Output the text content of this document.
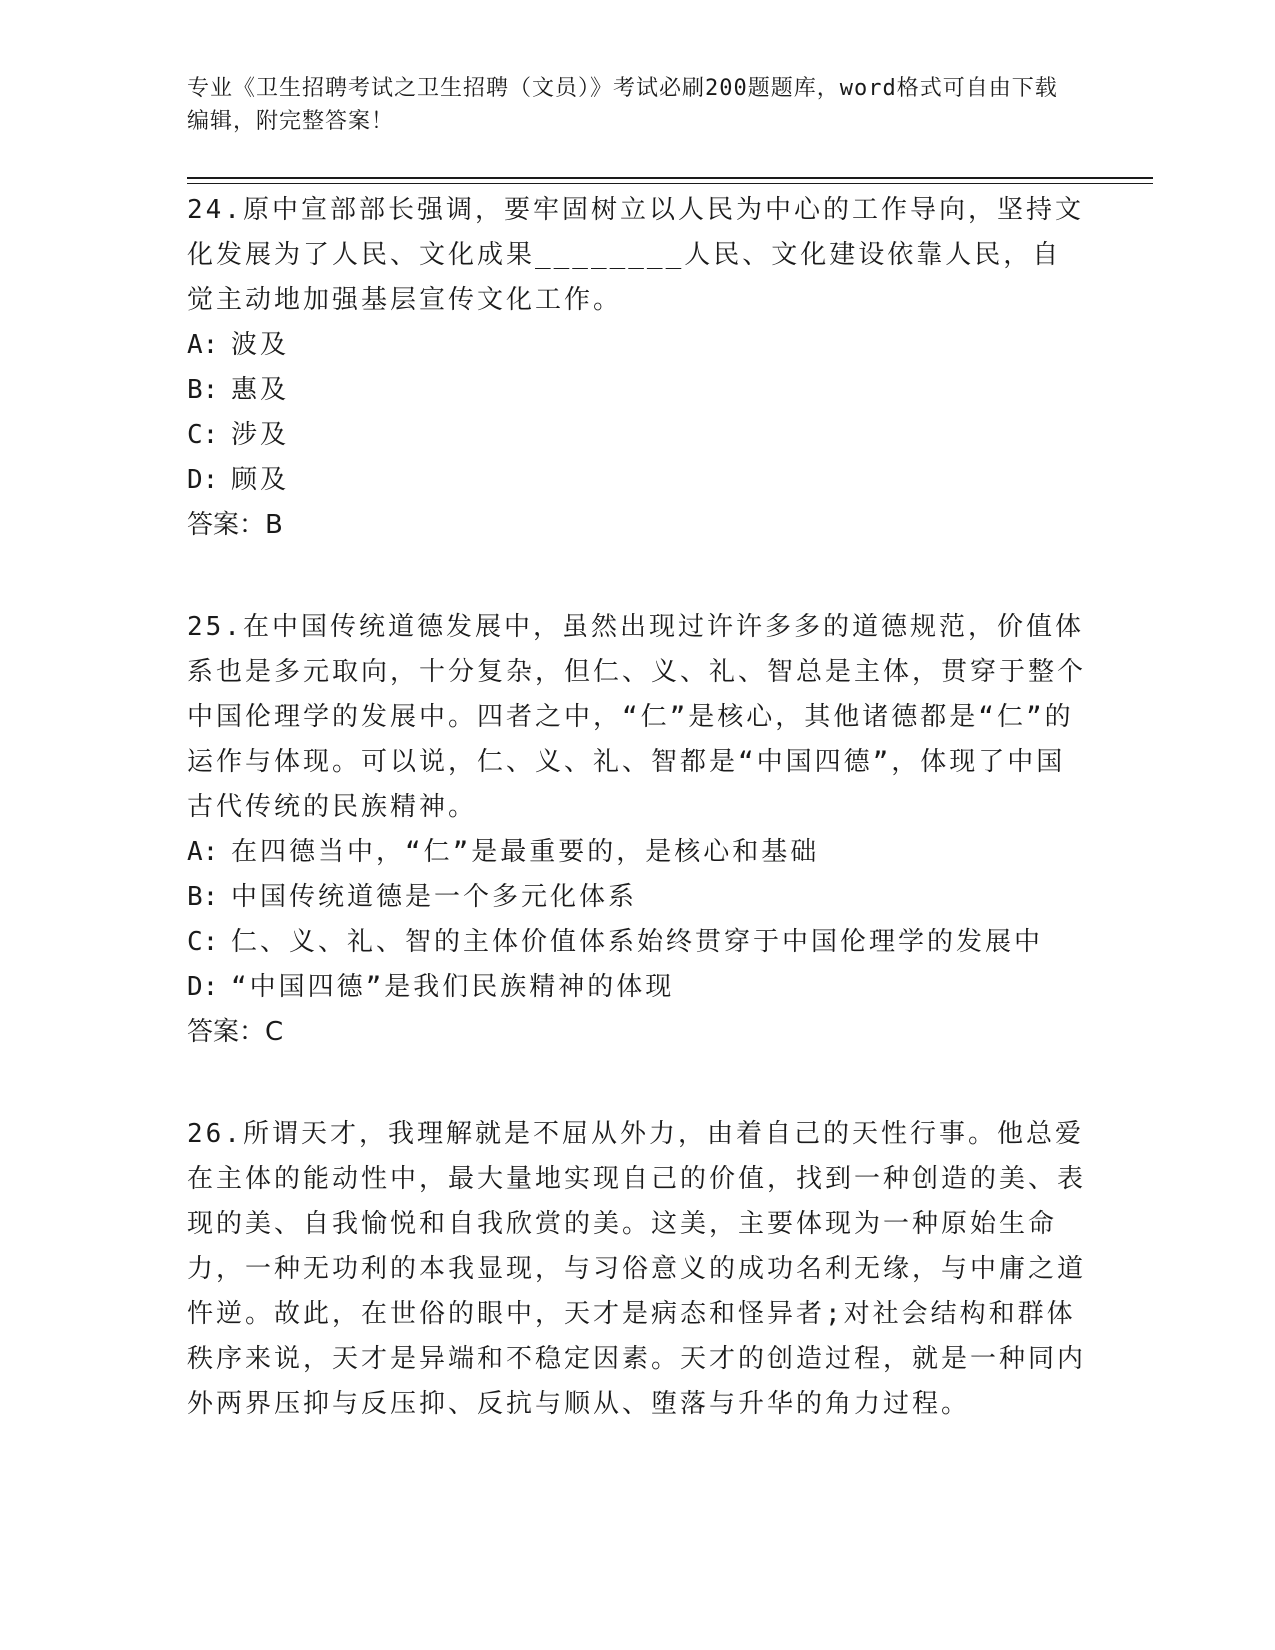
专业《卫生招聘考试之卫生招聘（文员）》考试必刷200题题库，word格式可自由下载编辑，附完整答案！
24.原中宣部部长强调，要牢固树立以人民为中心的工作导向，坚持文化发展为了人民、文化成果________人民、文化建设依靠人民，自觉主动地加强基层宣传文化工作。
A: 波及
B: 惠及
C: 涉及
D: 顾及
答案：B
25.在中国传统道德发展中，虽然出现过许许多多的道德规范，价值体系也是多元取向，十分复杂，但仁、义、礼、智总是主体，贯穿于整个中国伦理学的发展中。四者之中，“仁”是核心，其他诸德都是“仁”的运作与体现。可以说，仁、义、礼、智都是“中国四德”，体现了中国古代传统的民族精神。
A: 在四德当中，“仁”是最重要的，是核心和基础
B: 中国传统道德是一个多元化体系
C: 仁、义、礼、智的主体价值体系始终贯穿于中国伦理学的发展中
D: “中国四德”是我们民族精神的体现
答案：C
26.所谓天才，我理解就是不屈从外力，由着自己的天性行事。他总爱在主体的能动性中，最大量地实现自己的价值，找到一种创造的美、表现的美、自我愉悦和自我欣赏的美。这美，主要体现为一种原始生命力，一种无功利的本我显现，与习俗意义的成功名利无缘，与中庸之道忤逆。故此，在世俗的眼中，天才是病态和怪异者;对社会结构和群体秩序来说，天才是异端和不稳定因素。天才的创造过程，就是一种同内外两界压抑与反压抑、反抗与顺从、堕落与升华的角力过程。
